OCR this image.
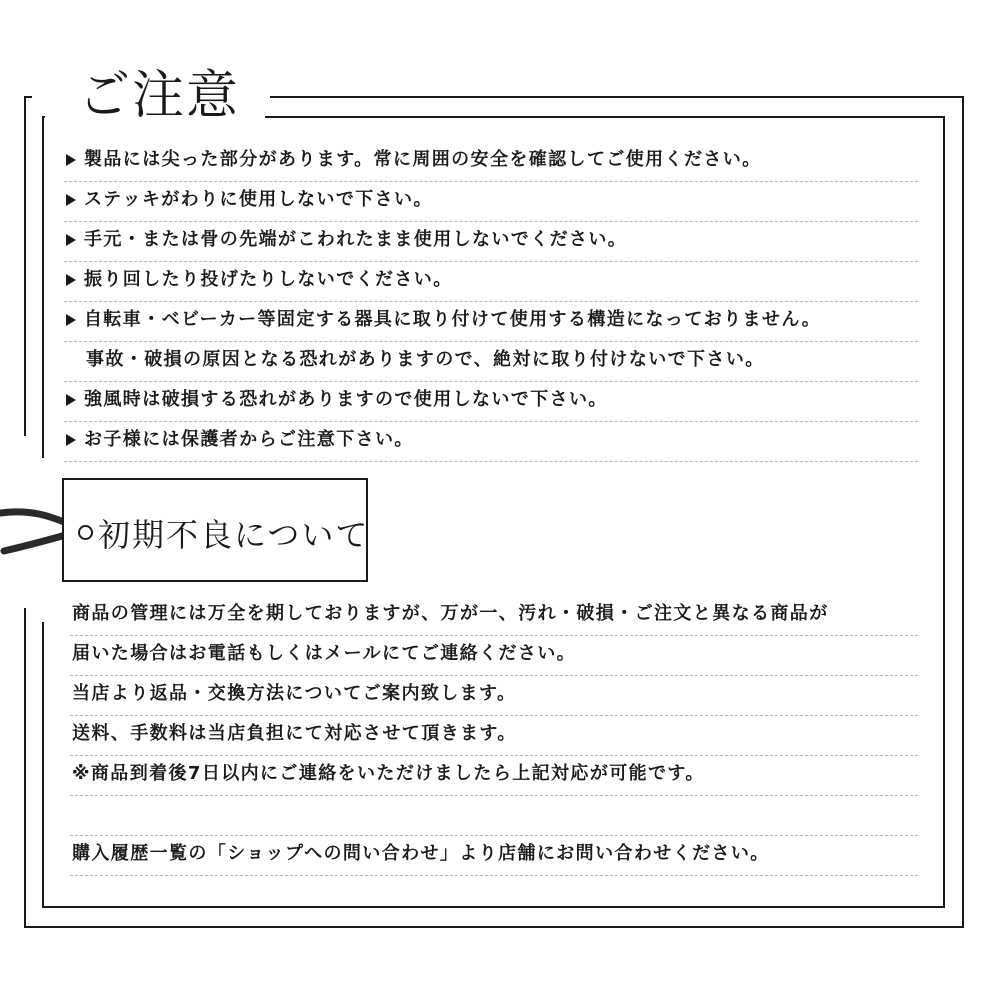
ご注意
製品には尖った部分があります。常に周囲の安全を確認してご使用ください。
ステッキがわりに使用しないで下さい。
手元・または骨の先端がこわれたまま使用しないでください。
振り回したり投げたりしないでください。
自転車・ベビーカー等固定する器具に取り付けて使用する構造になっておりません。
事故・破損の原因となる恐れがありますので、絶対に取り付けないで下さい。
強風時は破損する恐れがありますので使用しないで下さい。
お子様には保護者からご注意下さい。
初期不良について
商品の管理には万全を期しておりますが、万が一、汚れ・破損・ご注文と異なる商品が
届いた場合はお電話もしくはメールにてご連絡ください。
当店より返品・交換方法についてご案内致します。
送料、手数料は当店負担にて対応させて頂きます。
※商品到着後7日以内にご連絡をいただけましたら上記対応が可能です。
購入履歴一覧の「ショップへの問い合わせ」より店舗にお問い合わせください。
